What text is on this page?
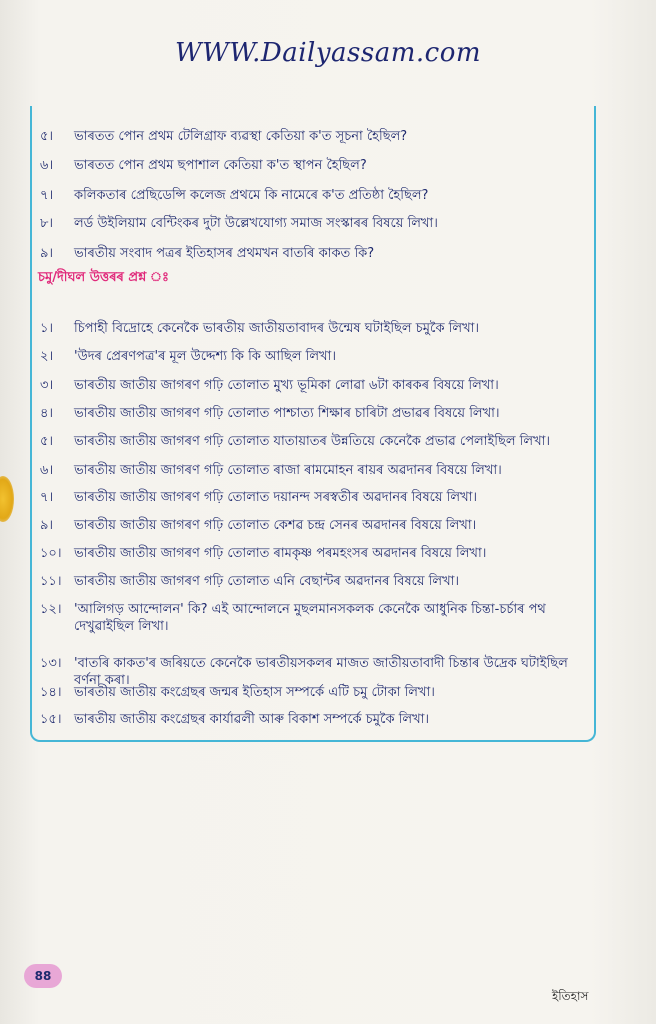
WWW.Dailyassam.com
৫।	ভাৰতত পোন প্ৰথম টেলিগ্ৰাফ ব্যৱস্থা কেতিয়া ক'ত সূচনা হৈছিল?
৬।	ভাৰতত পোন প্ৰথম ছপাশাল কেতিয়া ক'ত স্থাপন হৈছিল?
৭।	কলিকতাৰ প্ৰেছিডেন্সি কলেজ প্ৰথমে কি নামেৰে ক'ত প্ৰতিষ্ঠা হৈছিল?
৮।	লৰ্ড উইলিয়াম বেন্টিংকৰ দুটা উল্লেখযোগ্য সমাজ সংস্কাৰৰ বিষয়ে লিখা।
৯।	ভাৰতীয় সংবাদ পত্ৰৰ ইতিহাসৰ প্ৰথমখন বাতৰি কাকত কি?
চমু/দীঘল উত্তৰৰ প্ৰশ্ন ঃ
১।	চিপাহী বিদ্ৰোহে কেনেকৈ ভাৰতীয় জাতীয়তাবাদৰ উন্মেষ ঘটাইছিল চমুকৈ লিখা।
২।	'উদৰ প্ৰেৰণপত্ৰ'ৰ মূল উদ্দেশ্য কি কি আছিল লিখা।
৩।	ভাৰতীয় জাতীয় জাগৰণ গঢ়ি তোলাত মুখ্য ভূমিকা লোৱা ৬টা কাৰকৰ বিষয়ে লিখা।
৪।	ভাৰতীয় জাতীয় জাগৰণ গঢ়ি তোলাত পাশ্চাত্য শিক্ষাৰ চাৰিটা প্ৰভাৱৰ বিষয়ে লিখা।
৫।	ভাৰতীয় জাতীয় জাগৰণ গঢ়ি তোলাত যাতায়াতৰ উন্নতিয়ে কেনেকৈ প্ৰভাৱ পেলাইছিল লিখা।
৬।	ভাৰতীয় জাতীয় জাগৰণ গঢ়ি তোলাত ৰাজা ৰামমোহন ৰায়ৰ অৱদানৰ বিষয়ে লিখা।
৭।	ভাৰতীয় জাতীয় জাগৰণ গঢ়ি তোলাত দয়ানন্দ সৰস্বতীৰ অৱদানৰ বিষয়ে লিখা।
৯।	ভাৰতীয় জাতীয় জাগৰণ গঢ়ি তোলাত কেশৱ চন্দ্ৰ সেনৰ অৱদানৰ বিষয়ে লিখা।
১০। ভাৰতীয় জাতীয় জাগৰণ গঢ়ি তোলাত ৰামকৃষ্ণ পৰমহংসৰ অৱদানৰ বিষয়ে লিখা।
১১। ভাৰতীয় জাতীয় জাগৰণ গঢ়ি তোলাত এনি বেছান্টৰ অৱদানৰ বিষয়ে লিখা।
১২। 'আলিগড় আন্দোলন' কি? এই আন্দোলনে মুছলমানসকলক কেনেকৈ আধুনিক চিন্তা-চৰ্চাৰ পথ দেখুৱাইছিল লিখা।
১৩। 'বাতৰি কাকত'ৰ জৰিয়তে কেনেকৈ ভাৰতীয়সকলৰ মাজত জাতীয়তাবাদী চিন্তাৰ উদ্ৰেক ঘটাইছিল বৰ্ণনা কৰা।
১৪। ভাৰতীয় জাতীয় কংগ্ৰেছৰ জন্মৰ ইতিহাস সম্পৰ্কে এটি চমু টোকা লিখা।
১৫। ভাৰতীয় জাতীয় কংগ্ৰেছৰ কাৰ্যাৱলী আৰু বিকাশ সম্পৰ্কে চমুকৈ লিখা।
88
ইতিহাস
